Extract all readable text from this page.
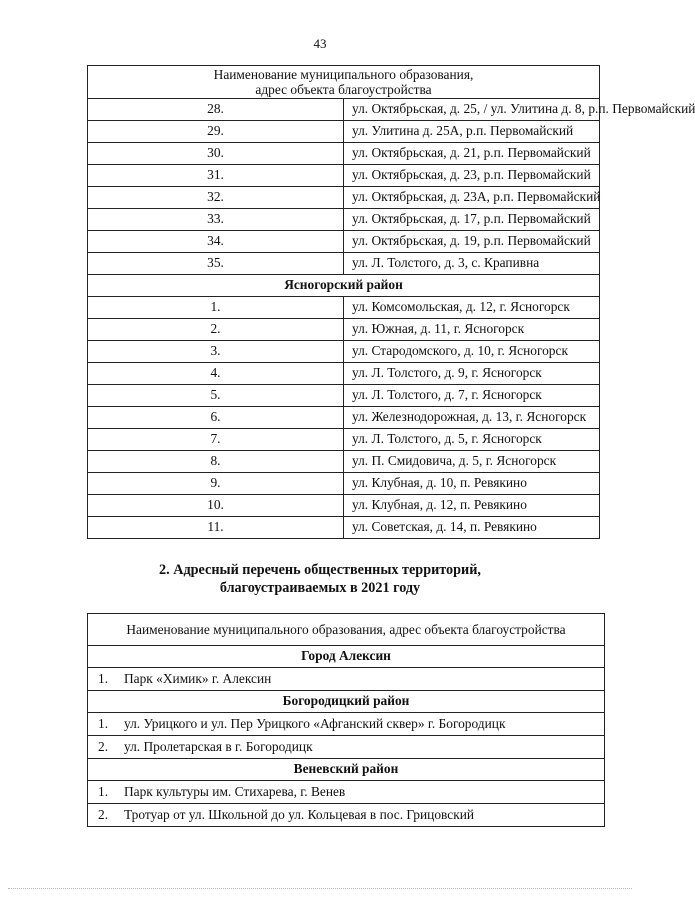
43
Наименование муниципального образования,
адрес объекта благоустройства	
28.	ул. Октябрьская, д. 25, / ул. Улитина д. 8, р.п. Первомайский
29.	ул. Улитина д. 25А, р.п. Первомайский
30.	ул. Октябрьская, д. 21, р.п. Первомайский
31.	ул. Октябрьская, д. 23, р.п. Первомайский
32.	ул. Октябрьская, д. 23А, р.п. Первомайский
33.	ул. Октябрьская, д. 17, р.п. Первомайский
34.	ул. Октябрьская, д. 19, р.п. Первомайский
35.	ул. Л. Толстого, д. 3, с. Крапивна
Ясногорский район	
1.	ул. Комсомольская, д. 12, г. Ясногорск
2.	ул. Южная, д. 11, г. Ясногорск
3.	ул. Стародомского, д. 10, г. Ясногорск
4.	ул. Л. Толстого, д. 9, г. Ясногорск
5.	ул. Л. Толстого, д. 7, г. Ясногорск
6.	ул. Железнодорожная, д. 13, г. Ясногорск
7.	ул. Л. Толстого, д. 5, г. Ясногорск
8.	ул. П. Смидовича, д. 5, г. Ясногорск
9.	ул. Клубная, д. 10, п. Ревякино
10.	ул. Клубная, д. 12, п. Ревякино
11.	ул. Советская, д. 14, п. Ревякино
2. Адресный перечень общественных территорий,
благоустраиваемых в 2021 году
Наименование муниципального образования, адрес объекта благоустройства
Город Алексин
1. Парк «Химик» г. Алексин
Богородицкий район
1. ул. Урицкого и ул. Пер Урицкого «Афганский сквер» г. Богородицк
2. ул. Пролетарская в г. Богородицк
Веневский район
1. Парк культуры им. Стихарева, г. Венев
2. Тротуар от ул. Школьной до ул. Кольцевая в пос. Грицовский
